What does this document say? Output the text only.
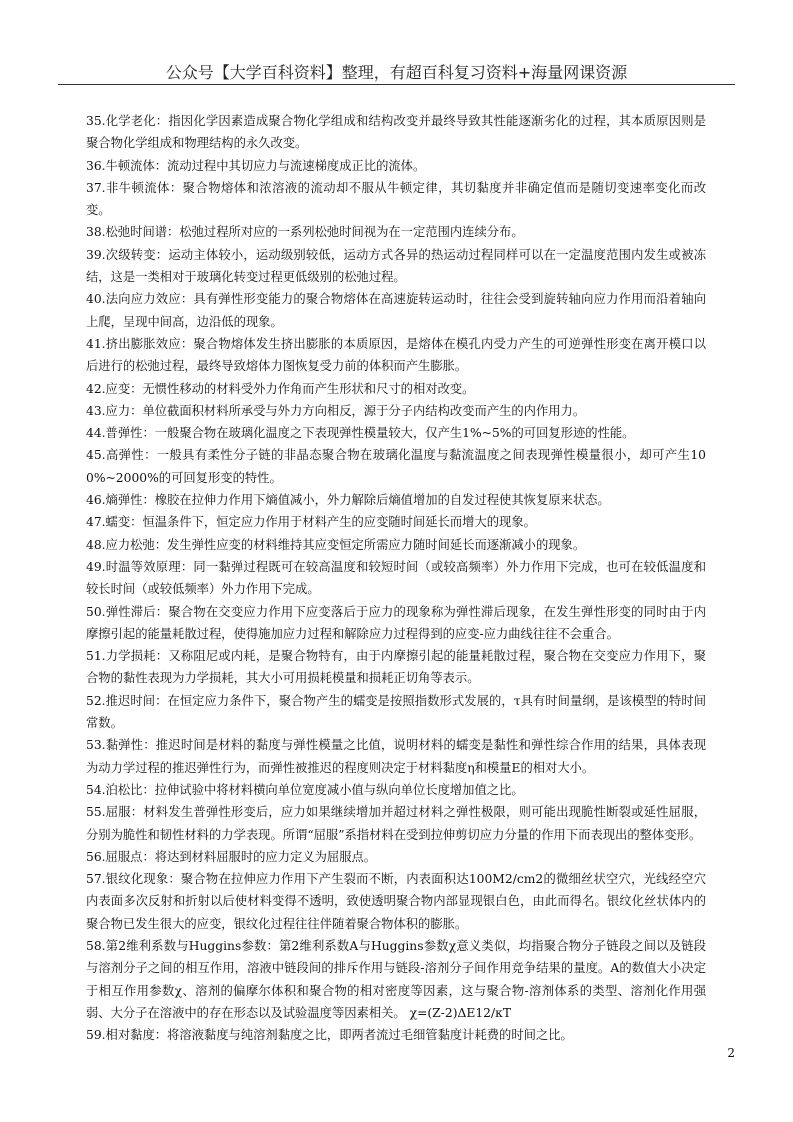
公众号【大学百科资料】整理，有超百科复习资料+海量网课资源

35.化学老化：指因化学因素造成聚合物化学组成和结构改变并最终导致其性能逐渐劣化的过程，其本质原因则是聚合物化学组成和物理结构的永久改变。

36.牛顿流体：流动过程中其切应力与流速梯度成正比的流体。

37.非牛顿流体：聚合物熔体和浓溶液的流动却不服从牛顿定律，其切黏度并非确定值而是随切变速率变化而改变。

38.松弛时间谱：松弛过程所对应的一系列松弛时间视为在一定范围内连续分布。

39.次级转变：运动主体较小，运动级别较低，运动方式各异的热运动过程同样可以在一定温度范围内发生或被冻结，这是一类相对于玻璃化转变过程更低级别的松弛过程。

40.法向应力效应：具有弹性形变能力的聚合物熔体在高速旋转运动时，往往会受到旋转轴向应力作用而沿着轴向上爬，呈现中间高，边沿低的现象。

41.挤出膨胀效应：聚合物熔体发生挤出膨胀的本质原因，是熔体在模孔内受力产生的可逆弹性形变在离开模口以后进行的松弛过程，最终导致熔体力图恢复受力前的体积而产生膨胀。

42.应变：无惯性移动的材料受外力作角而产生形状和尺寸的相对改变。

43.应力：单位截面积材料所承受与外力方向相反，源于分子内结构改变而产生的内作用力。

44.普弹性：一般聚合物在玻璃化温度之下表现弹性模量较大，仅产生1%~5%的可回复形迹的性能。

45.高弹性：一般具有柔性分子链的非晶态聚合物在玻璃化温度与黏流温度之间表现弹性模量很小，却可产生100%~2000%的可回复形变的特性。

46.熵弹性：橡胶在拉伸力作用下熵值减小，外力解除后熵值增加的自发过程使其恢复原来状态。

47.蠕变：恒温条件下，恒定应力作用于材料产生的应变随时间延长而增大的现象。

48.应力松弛：发生弹性应变的材料维持其应变恒定所需应力随时间延长而逐渐减小的现象。

49.时温等效原理：同一黏弹过程既可在较高温度和较短时间（或较高频率）外力作用下完成，也可在较低温度和较长时间（或较低频率）外力作用下完成。

50.弹性滞后：聚合物在交变应力作用下应变落后于应力的现象称为弹性滞后现象，在发生弹性形变的同时由于内摩擦引起的能量耗散过程，使得施加应力过程和解除应力过程得到的应变-应力曲线往往不会重合。

51.力学损耗：又称阻尼或内耗，是聚合物特有，由于内摩擦引起的能量耗散过程，聚合物在交变应力作用下，聚合物的黏性表现为力学损耗，其大小可用损耗模量和损耗正切角等表示。

52.推迟时间：在恒定应力条件下，聚合物产生的蠕变是按照指数形式发展的，τ具有时间量纲，是该模型的特时间常数。

53.黏弹性：推迟时间是材料的黏度与弹性模量之比值，说明材料的蠕变是黏性和弹性综合作用的结果，具体表现为动力学过程的推迟弹性行为，而弹性被推迟的程度则决定于材料黏度η和模量E的相对大小。

54.泊松比：拉伸试验中将材料横向单位宽度减小值与纵向单位长度增加值之比。

55.屈服：材料发生普弹性形变后，应力如果继续增加并超过材料之弹性极限，则可能出现脆性断裂或延性屈服，分别为脆性和韧性材料的力学表现。所谓“屈服”系指材料在受到拉伸剪切应力分量的作用下而表现出的整体变形。

56.屈服点：将达到材料屈服时的应力定义为屈服点。

57.银纹化现象：聚合物在拉伸应力作用下产生裂而不断，内表面积达100M2/cm2的微细丝状空穴，光线经空穴内表面多次反射和折射以后使材料变得不透明，致使透明聚合物内部显现银白色，由此而得名。银纹化丝状体内的聚合物已发生很大的应变，银纹化过程往往伴随着聚合物体积的膨胀。

58.第2维利系数与Huggins参数：第2维利系数A与Huggins参数χ意义类似，均指聚合物分子链段之间以及链段与溶剂分子之间的相互作用，溶液中链段间的排斥作用与链段-溶剂分子间作用竞争结果的量度。A的数值大小决定于相互作用参数χ、溶剂的偏摩尔体积和聚合物的相对密度等因素，这与聚合物-溶剂体系的类型、溶剂化作用强弱、大分子在溶液中的存在形态以及试验温度等因素相关。 χ=(Z-2)ΔE12/κT

59.相对黏度：将溶液黏度与纯溶剂黏度之比，即两者流过毛细管黏度计耗费的时间之比。

2
